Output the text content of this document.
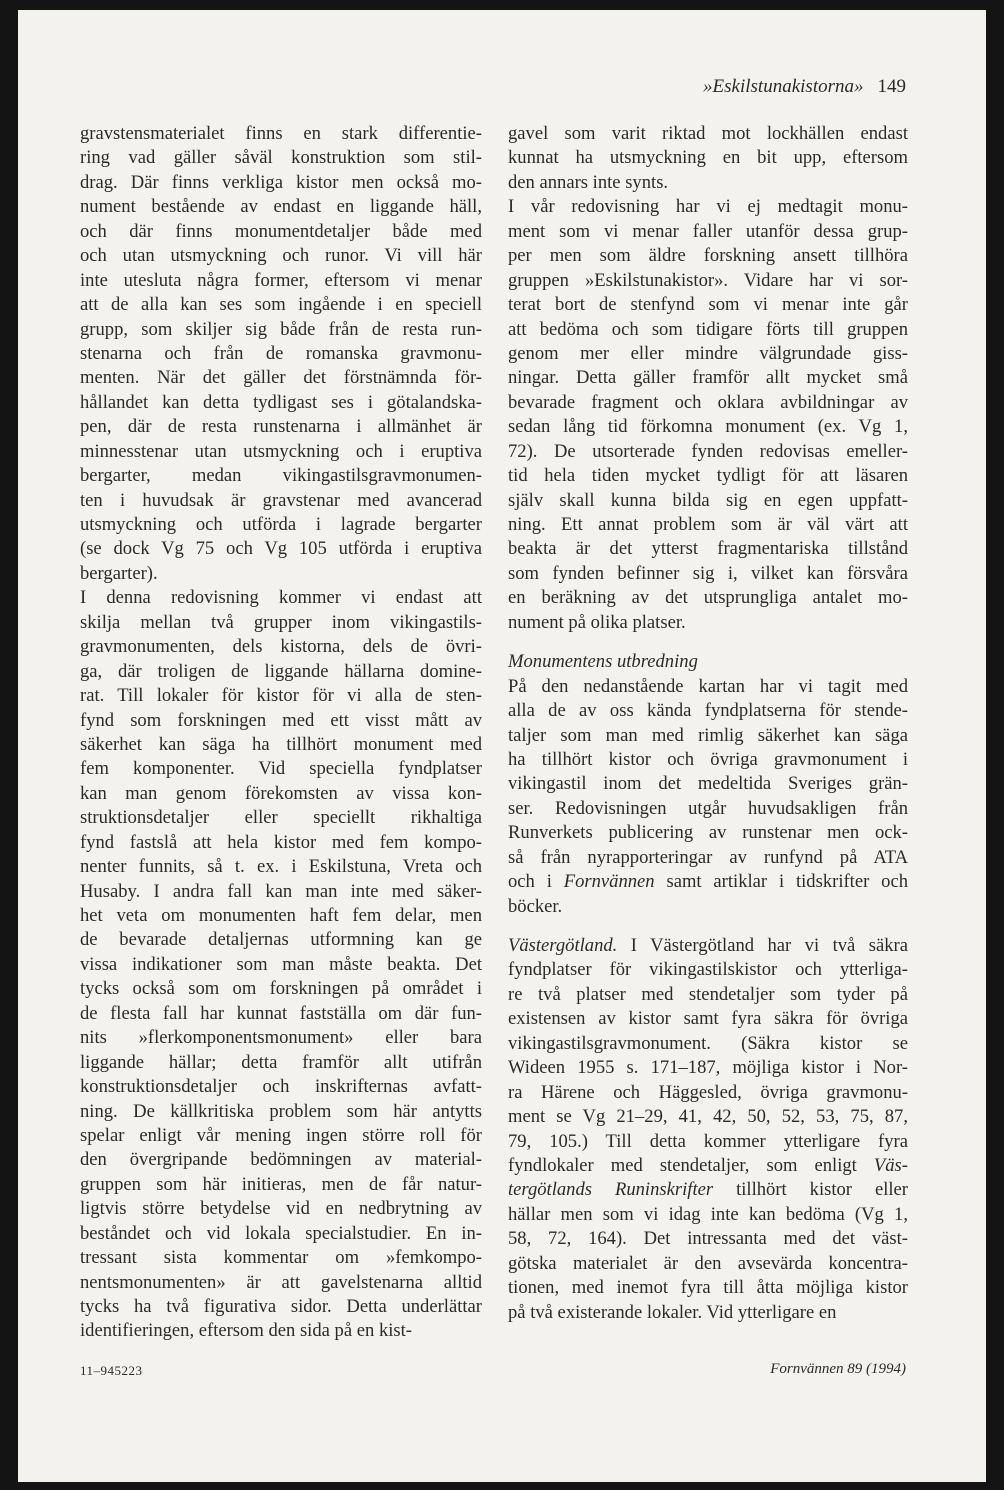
»Eskilstunakistorna» 149
gravstensmaterialet finns en stark differentie-
ring vad gäller såväl konstruktion som stil-
drag. Där finns verkliga kistor men också mo-
nument bestående av endast en liggande häll,
och där finns monumentdetaljer både med
och utan utsmyckning och runor. Vi vill här
inte utesluta några former, eftersom vi menar
att de alla kan ses som ingående i en speciell
grupp, som skiljer sig både från de resta run-
stenarna och från de romanska gravmonu-
menten. När det gäller det förstnämnda för-
hållandet kan detta tydligast ses i götalandska-
pen, där de resta runstenarna i allmänhet är
minnesstenar utan utsmyckning och i eruptiva
bergarter, medan vikingastilsgravmonumen-
ten i huvudsak är gravstenar med avancerad
utsmyckning och utförda i lagrade bergarter
(se dock Vg 75 och Vg 105 utförda i eruptiva
bergarter).
I denna redovisning kommer vi endast att
skilja mellan två grupper inom vikingastils-
gravmonumenten, dels kistorna, dels de övri-
ga, där troligen de liggande hällarna domine-
rat. Till lokaler för kistor för vi alla de sten-
fynd som forskningen med ett visst mått av
säkerhet kan säga ha tillhört monument med
fem komponenter. Vid speciella fyndplatser
kan man genom förekomsten av vissa kon-
struktionsdetaljer eller speciellt rikhaltiga
fynd fastslå att hela kistor med fem kompo-
nenter funnits, så t. ex. i Eskilstuna, Vreta och
Husaby. I andra fall kan man inte med säker-
het veta om monumenten haft fem delar, men
de bevarade detaljernas utformning kan ge
vissa indikationer som man måste beakta. Det
tycks också som om forskningen på området i
de flesta fall har kunnat fastställa om där fun-
nits »flerkomponentsmonument» eller bara
liggande hällar; detta framför allt utifrån
konstruktionsdetaljer och inskrifternas avfatt-
ning. De källkritiska problem som här antytts
spelar enligt vår mening ingen större roll för
den övergripande bedömningen av material-
gruppen som här initieras, men de får natur-
ligtvis större betydelse vid en nedbrytning av
beståndet och vid lokala specialstudier. En in-
tressant sista kommentar om »femkompo-
nentsmonumenten» är att gavelstenarna alltid
tycks ha två figurativa sidor. Detta underlättar
identifieringen, eftersom den sida på en kist-
gavel som varit riktad mot lockhällen endast
kunnat ha utsmyckning en bit upp, eftersom
den annars inte synts.
I vår redovisning har vi ej medtagit monu-
ment som vi menar faller utanför dessa grup-
per men som äldre forskning ansett tillhöra
gruppen »Eskilstunakistor». Vidare har vi sor-
terat bort de stenfynd som vi menar inte går
att bedöma och som tidigare förts till gruppen
genom mer eller mindre välgrundade giss-
ningar. Detta gäller framför allt mycket små
bevarade fragment och oklara avbildningar av
sedan lång tid förkomna monument (ex. Vg 1,
72). De utsorterade fynden redovisas emeller-
tid hela tiden mycket tydligt för att läsaren
själv skall kunna bilda sig en egen uppfatt-
ning. Ett annat problem som är väl värt att
beakta är det ytterst fragmentariska tillstånd
som fynden befinner sig i, vilket kan försvåra
en beräkning av det utsprungliga antalet mo-
nument på olika platser.
Monumentens utbredning
På den nedanstående kartan har vi tagit med
alla de av oss kända fyndplatserna för stende-
taljer som man med rimlig säkerhet kan säga
ha tillhört kistor och övriga gravmonument i
vikingastil inom det medeltida Sveriges grän-
ser. Redovisningen utgår huvudsakligen från
Runverkets publicering av runstenar men ock-
så från nyrapporteringar av runfynd på ATA
och i Fornvännen samt artiklar i tidskrifter och
böcker.
Västergötland. I Västergötland har vi två säkra
fyndplatser för vikingastilskistor och ytterliga-
re två platser med stendetaljer som tyder på
existensen av kistor samt fyra säkra för övriga
vikingastilsgravmonument. (Säkra kistor se
Wideen 1955 s. 171–187, möjliga kistor i Nor-
ra Härene och Häggesled, övriga gravmonu-
ment se Vg 21–29, 41, 42, 50, 52, 53, 75, 87,
79, 105.) Till detta kommer ytterligare fyra
fyndlokaler med stendetaljer, som enligt Väs-
tergötlands Runinskrifter tillhört kistor eller
hällar men som vi idag inte kan bedöma (Vg 1,
58, 72, 164). Det intressanta med det väst-
götska materialet är den avsevärda koncentra-
tionen, med inemot fyra till åtta möjliga kistor
på två existerande lokaler. Vid ytterligare en
11–945223	Fornvännen 89 (1994)
